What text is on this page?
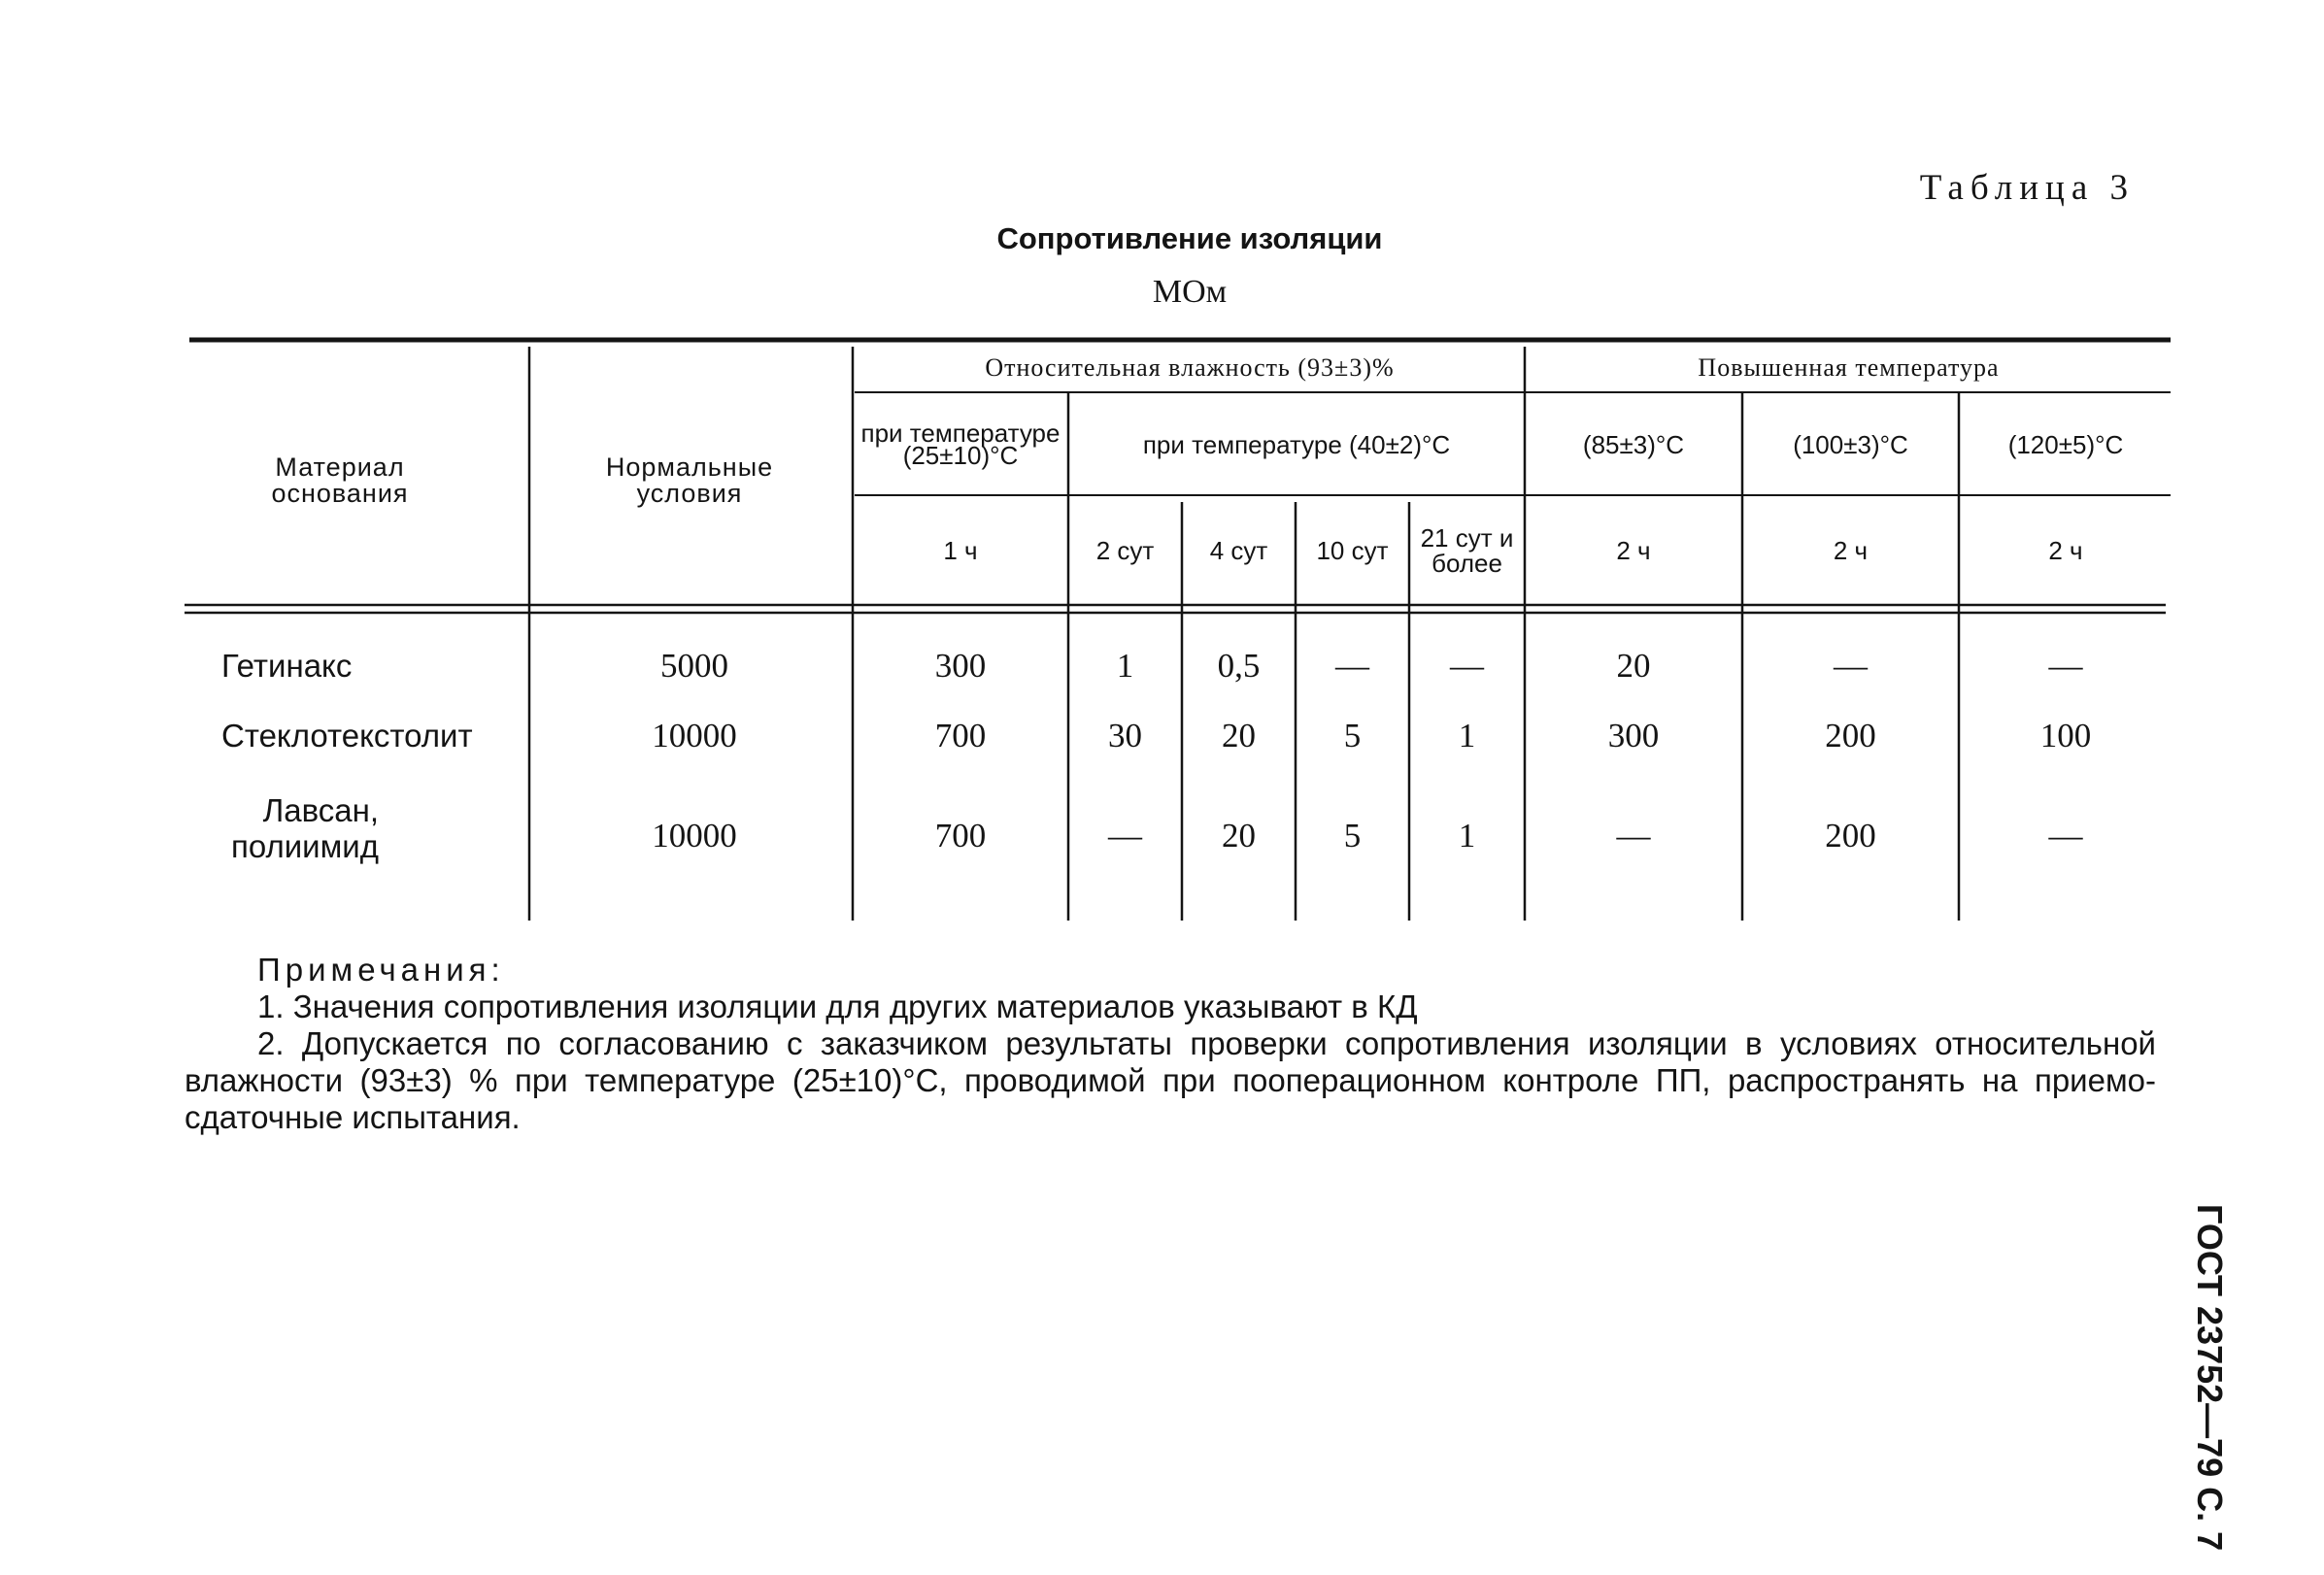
Таблица 3
Сопротивление изоляции
МОм
Материал основания
Нормальные условия
Относительная влажность (93±3)%	Повышенная температура
при температуре (25±10)°С	при температуре (40±2)°С	(85±3)°С	(100±3)°С	(120±5)°С
1 ч	2 сут	4 сут	10 сут	21 сут и более	2 ч	2 ч	2 ч
Гетинакс	5000	300	1	0,5	—	—	20	—	—
Стеклотекстолит	10000	700	30	20	5	1	300	200	100
Лавсан, полиимид	10000	700	—	20	5	1	—	200	—
Примечания:
1. Значения сопротивления изоляции для других материалов указывают в КД
2. Допускается по согласованию с заказчиком результаты проверки сопротивления изоляции в условиях относительной влажности (93±3) % при температуре (25±10)°С, проводимой при пооперационном контроле ПП, распространять на приемо-сдаточные испытания.
ГОСТ 23752—79 С. 7
